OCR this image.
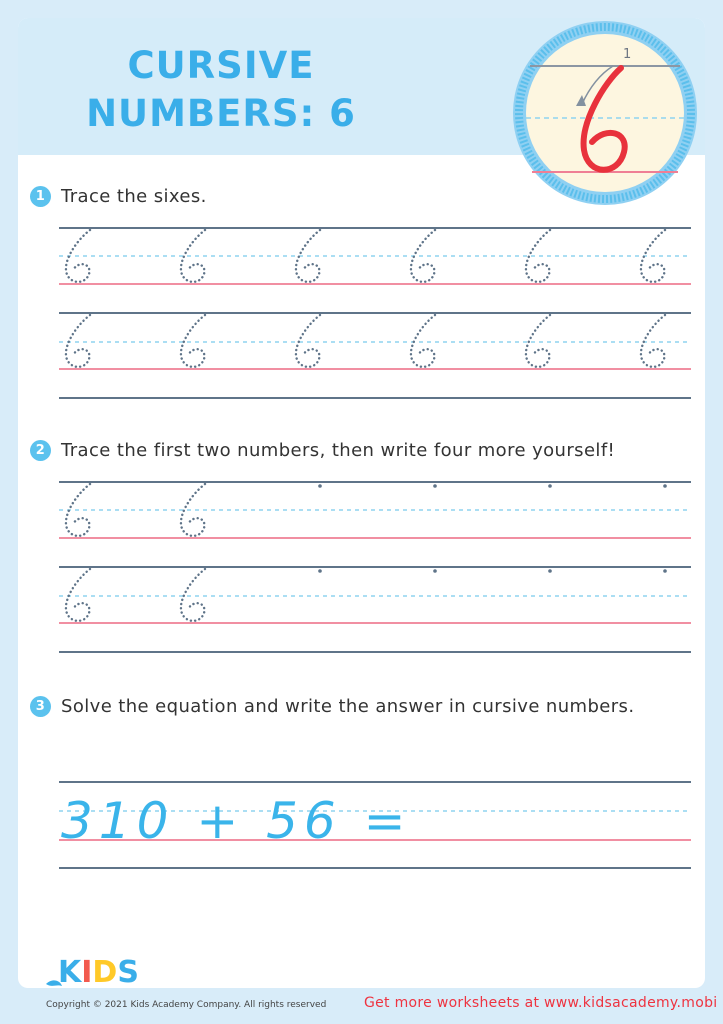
CURSIVE
NUMBERS: 6
1
6
1 Trace the sixes.
2 Trace the first two numbers, then write four more yourself!
3 Solve the equation and write the answer in cursive numbers.
310 + 56 =
KIDS
ACADEMY
Copyright © 2021 Kids Academy Company. All rights reserved	Get more worksheets at www.kidsacademy.mobi
